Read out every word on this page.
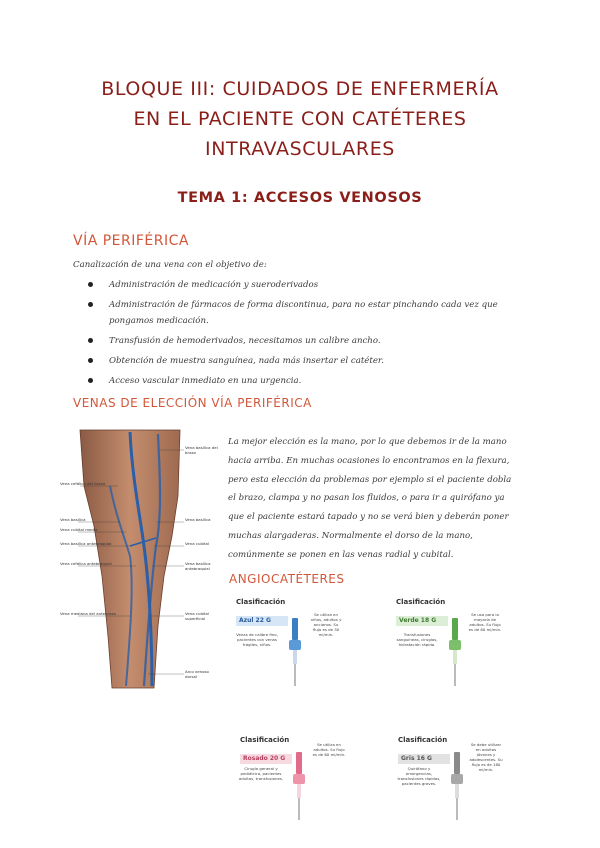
BLOQUE III: CUIDADOS DE ENFERMERÍA
EN EL PACIENTE CON CATÉTERES
INTRAVASCULARES
TEMA 1: ACCESOS VENOSOS
VÍA PERIFÉRICA
Canalización de una vena con el objetivo de:
Administración de medicación y sueroderivados
Administración de fármacos de forma discontinua, para no estar pinchando cada vez que pongamos medicación.
Transfusión de hemoderivados, necesitamos un calibre ancho.
Obtención de muestra sanguínea, nada más insertar el catéter.
Acceso vascular inmediato en una urgencia.
VENAS DE ELECCIÓN VÍA PERIFÉRICA
Vena cefálica del brazo
Vena basílica
Vena cubital media
Vena basílica antebraquial
Vena cefálica antebraquial
Vena mediana del antebrazo
Vena basílica del brazo
Vena basílica
Vena cubital
Vena basílica antebraquial
Vena cubital superficial
Arco venoso dorsal
La mejor elección es la mano, por lo que debemos ir de la mano hacia arriba. En muchas ocasiones lo encontramos en la flexura, pero esta elección da problemas por ejemplo si el paciente dobla el brazo, clampa y no pasan los fluidos, o para ir a quirófano ya que el paciente estará tapado y no se verá bien y deberán poner muchas alargaderas. Normalmente el dorso de la mano, comúnmente se ponen en las venas radial y cubital.
ANGIOCATÉTERES
Clasificación
Azul 22 G
Venas de calibre fino, pacientes con venas frágiles, niños.
Se utiliza en niños, adultos y ancianos. Su flujo es de 30 ml/min.
Clasificación
Verde 18 G
Transfusiones sanguíneas, cirugías, hidratación rápida.
Se usa para la mayoría de adultos. Su flujo es de 80 ml/min.
Clasificación
Rosado 20 G
Cirugía general y pediátrica, pacientes adultos, transfusiones.
Se utiliza en adultos. Su flujo es de 60 ml/min.
Clasificación
Gris 16 G
Quirófano y emergencias, transfusiones rápidas, pacientes graves.
Se debe utilizar en adultos jóvenes y adolescentes. Su flujo es de 180 ml/min.
